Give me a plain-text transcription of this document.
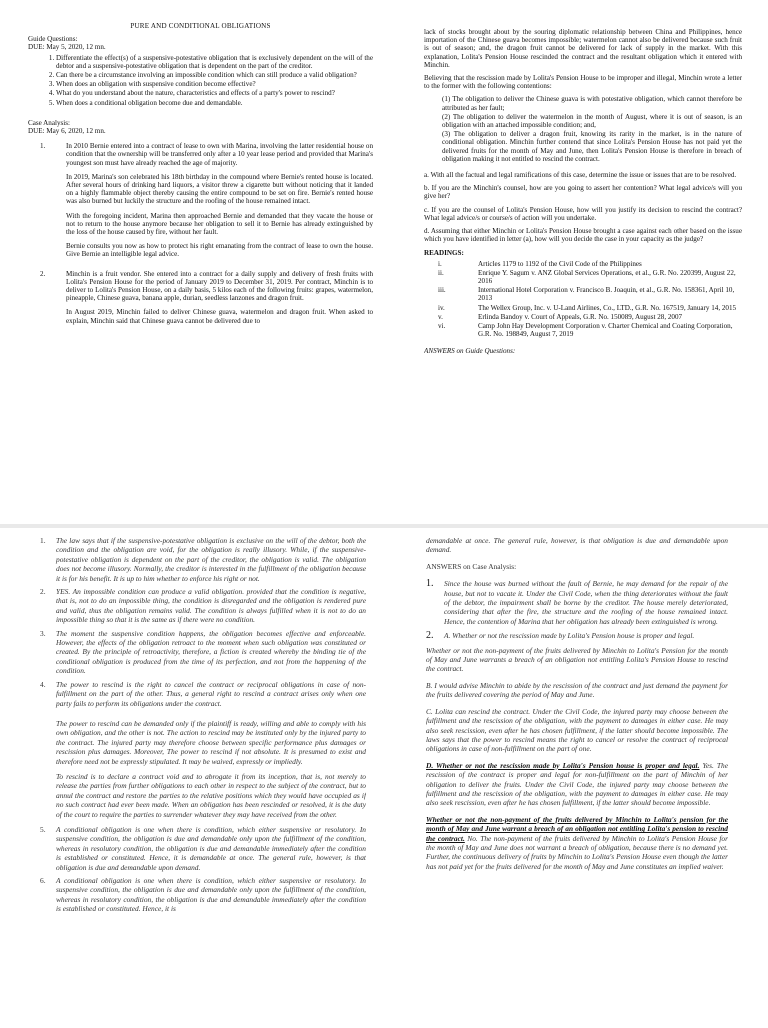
PURE AND CONDITIONAL OBLIGATIONS
Guide Questions:
DUE: May 5, 2020, 12 mn.
1. Differentiate the effect(s) of a suspensive-potestative obligation that is exclusively dependent on the will of the debtor and a suspensive-potestative obligation that is dependent on the part of the creditor.
2. Can there be a circumstance involving an impossible condition which can still produce a valid obligation?
3. When does an obligation with suspensive condition become effective?
4. What do you understand about the nature, characteristics and effects of a party's power to rescind?
5. When does a conditional obligation become due and demandable.
Case Analysis:
DUE: May 6, 2020, 12 mn.
1.	In 2010 Bernie entered into a contract of lease to own with Marina, involving the latter residential house on condition that the ownership will be transferred only after a 10 year lease period and provided that Marina's youngest son must have already reached the age of majority.

In 2019, Marina's son celebrated his 18th birthday in the compound where Bernie's rented house is located. After several hours of drinking hard liquors, a visitor threw a cigarette butt without noticing that it landed on a highly flammable object thereby causing the entire compound to be set on fire. Bernie's rented house was also burned but luckily the structure and the roofing of the house remained intact.

With the foregoing incident, Marina then approached Bernie and demanded that they vacate the house or not to return to the house anymore because her obligation to sell it to Bernie has already extinguished by the loss of the house caused by fire, without her fault.

Bernie consults you now as how to protect his right emanating from the contract of lease to own the house. Give Bernie an intelligible legal advice.

2.	Minchin is a fruit vendor. She entered into a contract for a daily supply and delivery of fresh fruits with Lolita's Pension House for the period of January 2019 to December 31, 2019. Per contract, Minchin is to deliver to Lolita's Pension House, on a daily basis, 5 kilos each of the following fruits: grapes, watermelon, pineapple, Chinese guava, banana apple, durian, seedless lanzones and dragon fruit.

In August 2019, Minchin failed to deliver Chinese guava, watermelon and dragon fruit. When asked to explain, Minchin said that Chinese guava cannot be delivered due to

lack of stocks brought about by the souring diplomatic relationship between China and Philippines, hence importation of the Chinese guava becomes impossible; watermelon cannot also be delivered because such fruit is out of season; and, the dragon fruit cannot be delivered for lack of supply in the market. With this explanation, Lolita's Pension House rescinded the contract and the resultant obligation which it entered with Minchin.

Believing that the rescission made by Lolita's Pension House to be improper and illegal, Minchin wrote a letter to the former with the following contentions:

(1) The obligation to deliver the Chinese guava is with potestative obligation, which cannot therefore be attributed as her fault;
(2) The obligation to deliver the watermelon in the month of August, where it is out of season, is an obligation with an attached impossible condition; and,
(3) The obligation to deliver a dragon fruit, knowing its rarity in the market, is in the nature of conditional obligation. Minchin further contend that since Lolita's Pension House has not paid yet the delivered fruits for the month of May and June, then Lolita's Pension House is therefore in breach of obligation making it not entitled to rescind the contract.

a. With all the factual and legal ramifications of this case, determine the issue or issues that are to be resolved.

b. If you are the Minchin's counsel, how are you going to assert her contention? What legal advice/s will you give her?

c. If you are the counsel of Lolita's Pension House, how will you justify its decision to rescind the contract? What legal advice/s or course/s of action will you undertake.

d. Assuming that either Minchin or Lolita's Pension House brought a case against each other based on the issue which you have identified in letter (a), how will you decide the case in your capacity as the judge?

READINGS:
i.	Articles 1179 to 1192 of the Civil Code of the Philippines
ii.	Enrique Y. Sagum v. ANZ Global Services Operations, et al., G.R. No. 220399, August 22, 2016
iii.	International Hotel Corporation v. Francisco B. Joaquin, et al., G.R. No. 158361, April 10, 2013
iv.	The Wellex Group, Inc. v. U-Land Airlines, Co., LTD., G.R. No. 167519, January 14, 2015
v.	Erlinda Bandoy v. Court of Appeals, G.R. No. 150089, August 28, 2007
vi.	Camp John Hay Development Corporation v. Charter Chemical and Coating Corporation, G.R. No. 198849, August 7, 2019
ANSWERS on Guide Questions:
1.	The law says that if the suspensive-potestative obligation is exclusive on the will of the debtor, both the condition and the obligation are void, for the obligation is really illusory. While, if the suspensive-potestative obligation is dependent on the part of the creditor, the obligation is valid. The obligation does not become illusory. Normally, the creditor is interested in the fulfillment of the obligation because it is for his benefit. It is up to him whether to enforce his right or not.
2.	YES. An impossible condition can produce a valid obligation. provided that the condition is negative, that is, not to do an impossible thing, the condition is disregarded and the obligation is rendered pure and valid, thus the obligation remains valid. The condition is always fulfilled when it is not to do an impossible thing so that it is the same as if there were no condition.
3.	The moment the suspensive condition happens, the obligation becomes effective and enforceable. However, the effects of the obligation retroact to the moment when such obligation was constituted or created. By the principle of retroactivity, therefore, a fiction is created whereby the binding tie of the conditional obligation is produced from the time of its perfection, and not from the happening of the condition.
4.	The power to rescind is the right to cancel the contract or reciprocal obligations in case of non-fulfillment on the part of the other. Thus, a general right to rescind a contract arises only when one party fails to perform its obligations under the contract.
The power to rescind can be demanded only if the plaintiff is ready, willing and able to comply with his own obligation, and the other is not. The action to rescind may be instituted only by the injured party to the contract. The injured party may therefore choose between specific performance plus damages or rescission plus damages. Moreover, The power to rescind if not absolute. It is presumed to exist and therefore need not be expressly stipulated. It may be waived, expressly or impliedly.
To rescind is to declare a contract void and to abrogate it from its inception, that is, not merely to release the parties from further obligations to each other in respect to the subject of the contract, but to annul the contract and restore the parties to the relative positions which they would have occupied as if no such contract had ever been made. When an obligation has been rescinded or resolved, it is the duty of the court to require the parties to surrender whatever they may have received from the other.
5.	A conditional obligation is one when there is condition, which either suspensive or resolutory. In suspensive condition, the obligation is due and demandable only upon the fulfillment of the condition, whereas in resolutory condition, the obligation is due and demandable immediately after the condition is established or constituted. Hence, it is demandable at once. The general rule, however, is that obligation is due and demandable upon demand.
6.	A conditional obligation is one when there is condition, which either suspensive or resolutory. In suspensive condition, the obligation is due and demandable only upon the fulfillment of the condition, whereas in resolutory condition, the obligation is due and demandable immediately after the condition is established or constituted. Hence, it is
demandable at once. The general rule, however, is that obligation is due and demandable upon demand.
ANSWERS on Case Analysis:
1.	Since the house was burned without the fault of Bernie, he may demand for the repair of the house, but not to vacate it. Under the Civil Code, when the thing deteriorates without the fault of the debtor, the impairment shall be borne by the creditor. The house merely deteriorated, considering that after the fire, the structure and the roofing of the house remained intact. Hence, the contention of Marina that her obligation has already been extinguished is wrong.
2.	A. Whether or not the rescission made by Lolita's Pension house is proper and legal.
Whether or not the non-payment of the fruits delivered by Minchin to Lolita's Pension for the month of May and June warrants a breach of an obligation not entitling Lolita's Pension House to rescind the contract.
B. I would advise Minchin to abide by the rescission of the contract and just demand the payment for the fruits delivered covering the period of May and June.
C. Lolita can rescind the contract. Under the Civil Code, the injured party may choose between the fulfillment and the rescission of the obligation, with the payment to damages in either case. He may also seek rescission, even after he has chosen fulfillment, if the latter should become impossible. The laws says that the power to rescind means the right to cancel or resolve the contract of reciprocal obligations in case of non-fulfillment on the part of one.
D. Whether or not the rescission made by Lolita's Pension house is proper and legal. Yes. The rescission of the contract is proper and legal for non-fulfillment on the part of Minchin of her obligation to deliver the fruits. Under the Civil Code, the injured party may choose between the fulfillment and the rescission of the obligation, with the payment to damages in either case. He may also seek rescission, even after he has chosen fulfillment, if the latter should become impossible.
Whether or not the non-payment of the fruits delivered by Minchin to Lolita's pension for the month of May and June warrant a breach of an obligation not entitling Lolita's pension to rescind the contract. No. The non-payment of the fruits delivered by Minchin to Lolita's Pension House for the month of May and June does not warrant a breach of obligation, because there is no demand yet. Further, the continuous delivery of fruits by Minchin to Lolita's Pension House even though the latter has not paid yet for the fruits delivered for the month of May and June constitutes an implied waiver.
